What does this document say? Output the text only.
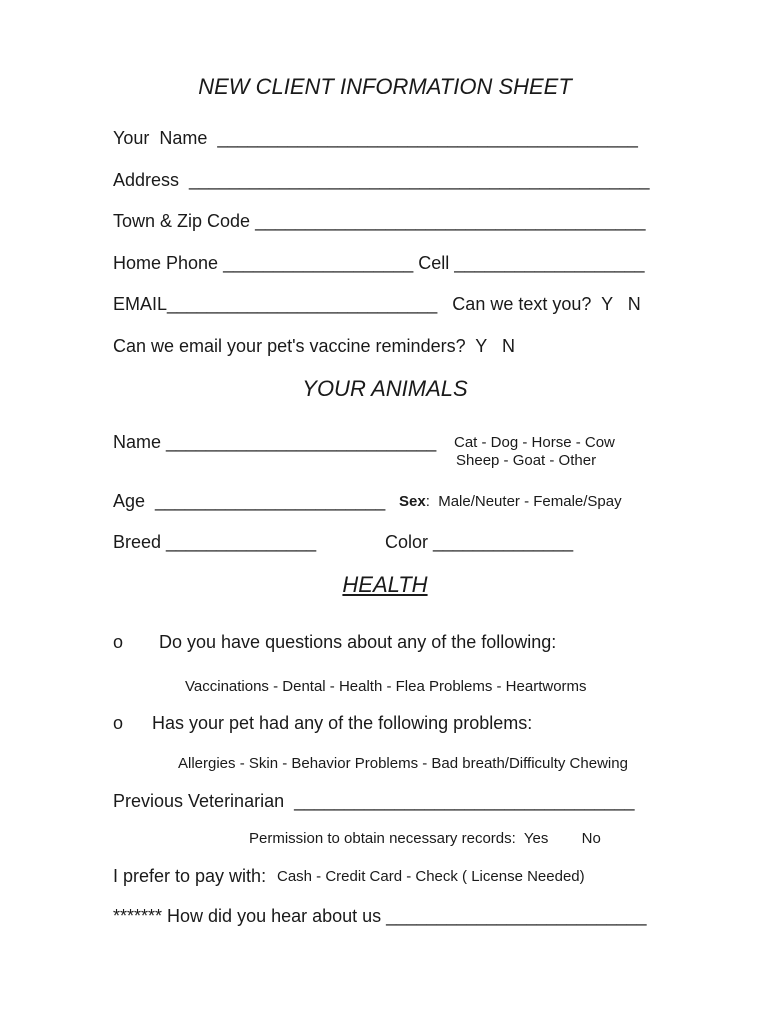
NEW CLIENT INFORMATION SHEET
Your  Name  __________________________________________
Address  ______________________________________________
Town & Zip Code _______________________________________
Home Phone ___________________ Cell ___________________
EMAIL___________________________   Can we text you?  Y   N
Can we email your pet's vaccine reminders?  Y   N
YOUR ANIMALS
Name ___________________________ Cat - Dog - Horse - Cow
Sheep - Goat - Other
Age  _______________________ Sex:  Male/Neuter - Female/Spay
Breed _______________	Color ______________
HEALTH
o Do you have questions about any of the following:
Vaccinations - Dental - Health - Flea Problems - Heartworms
o Has your pet had any of the following problems:
Allergies - Skin - Behavior Problems - Bad breath/Difficulty Chewing
Previous Veterinarian  __________________________________
Permission to obtain necessary records:  Yes        No
I prefer to pay with: Cash - Credit Card - Check ( License Needed)
******* How did you hear about us __________________________
